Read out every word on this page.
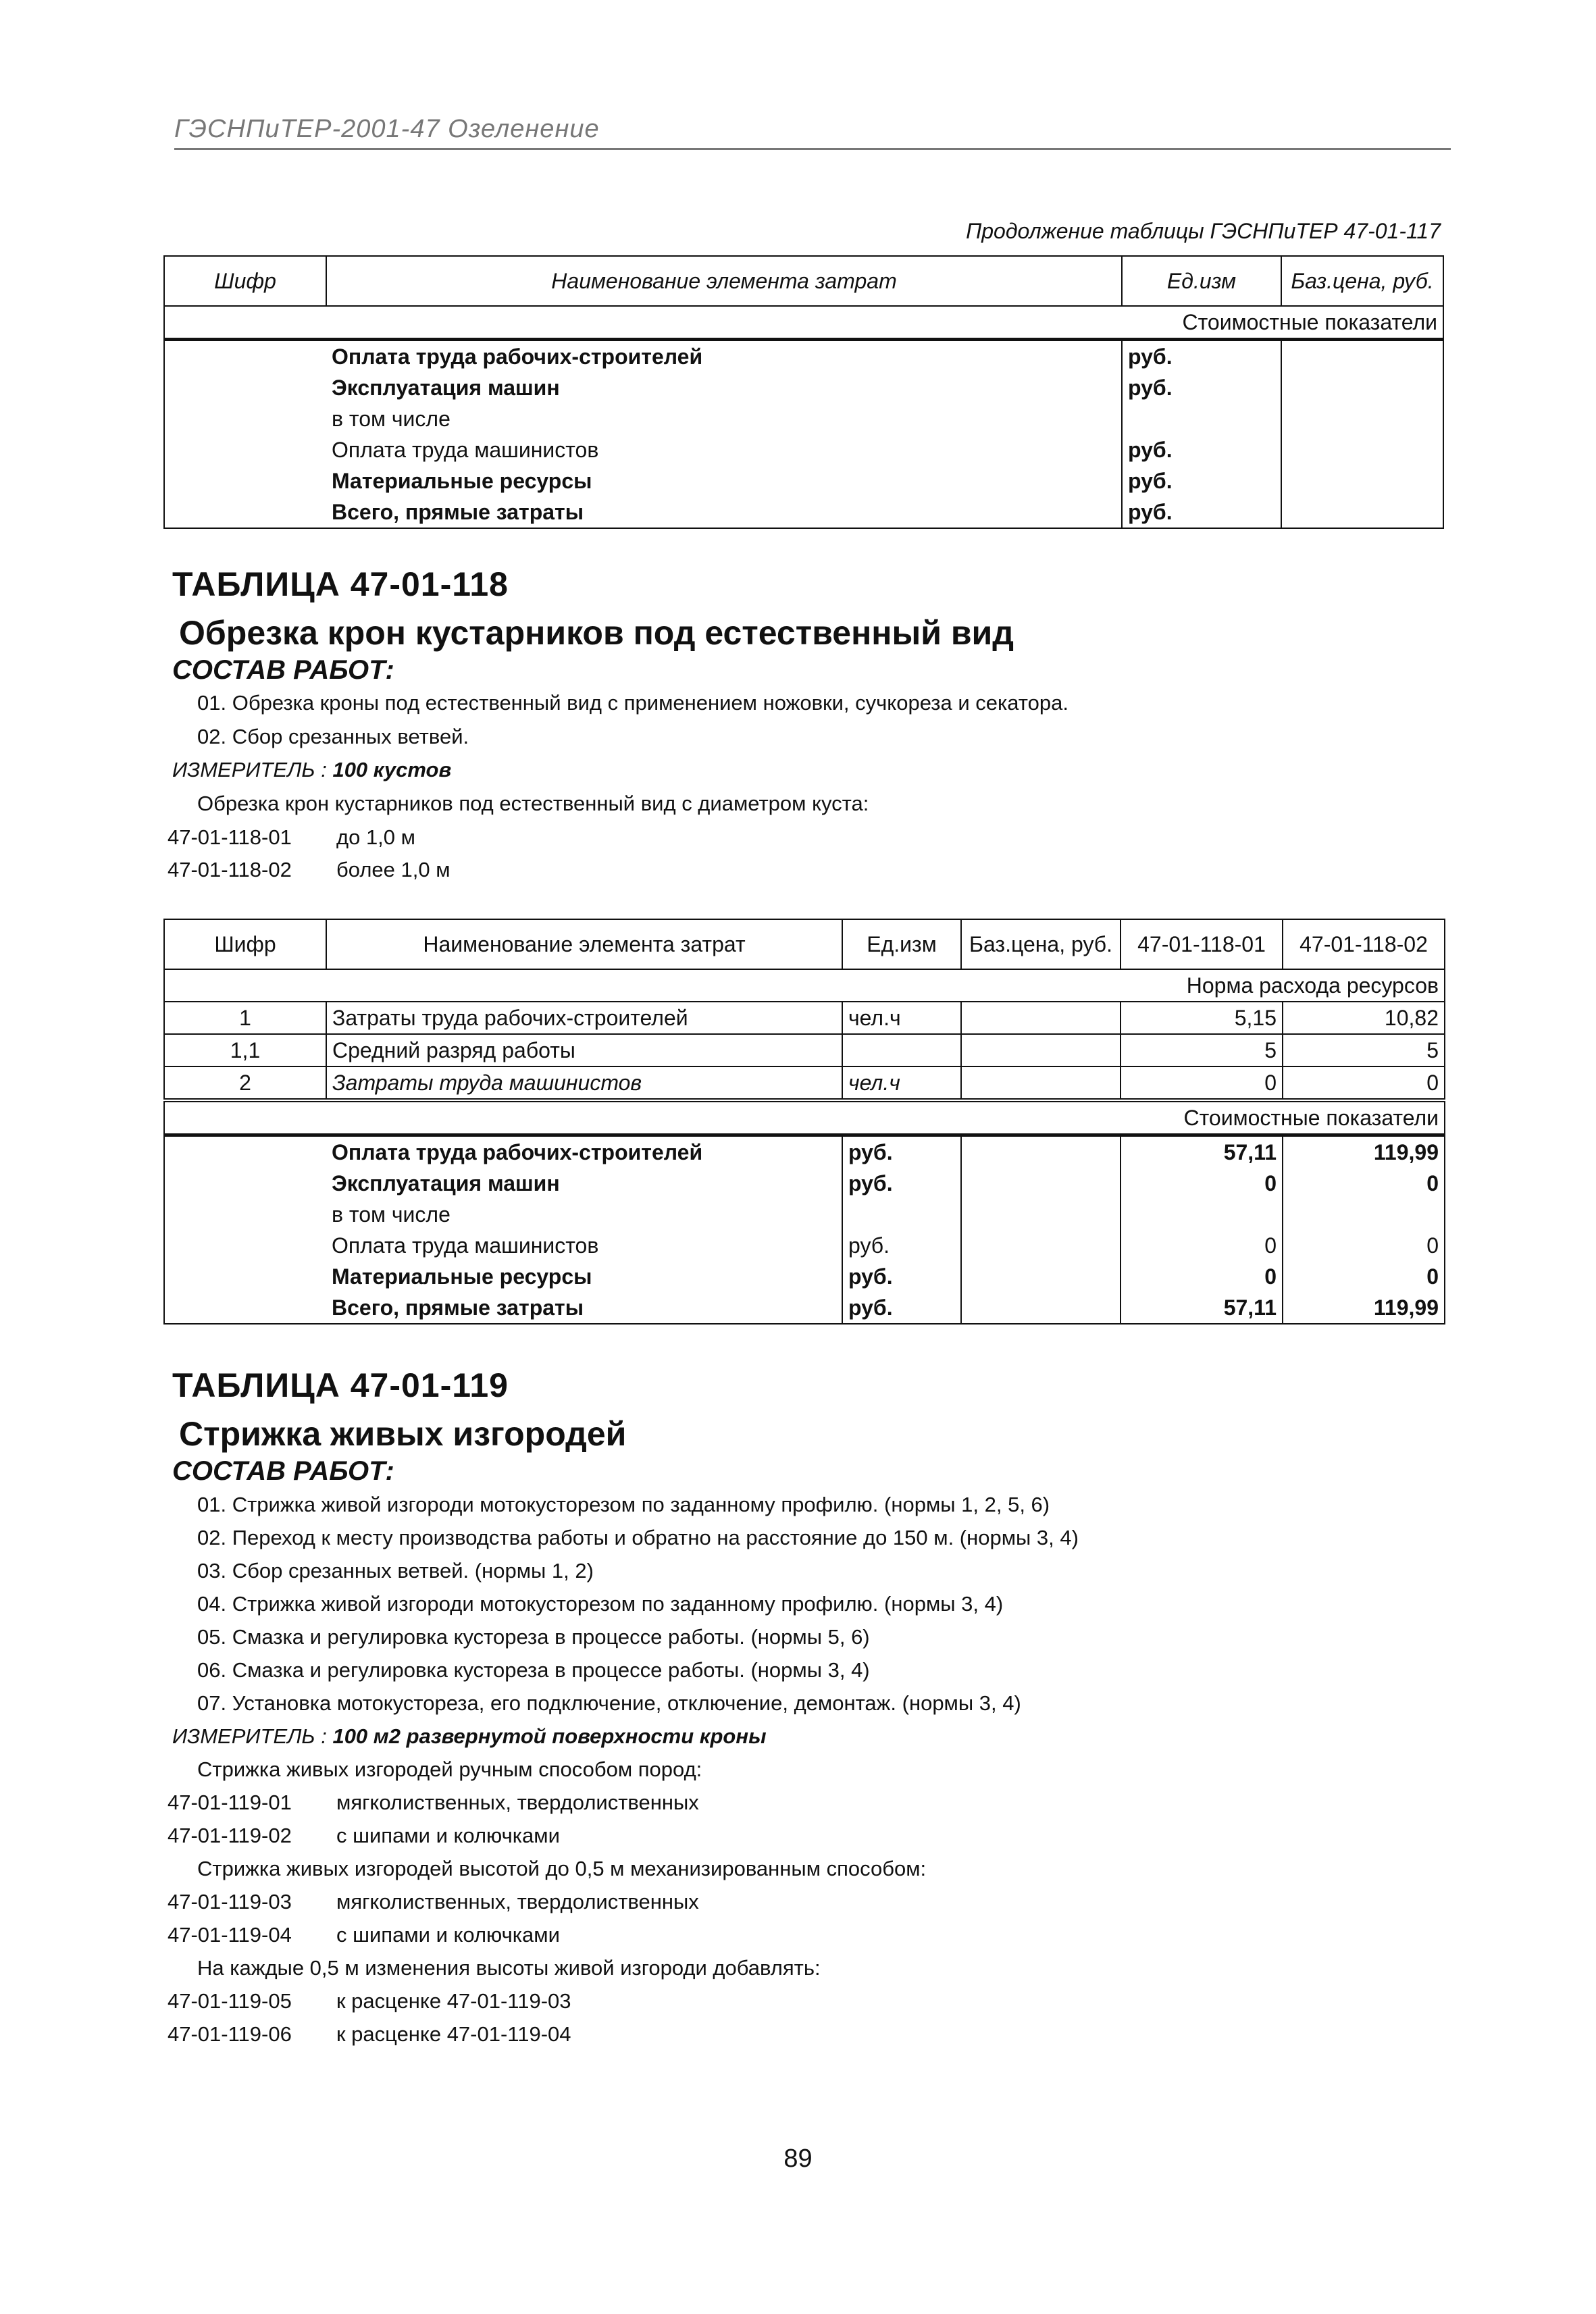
ГЭСНПиТЕР-2001-47 Озеленение
Продолжение таблицы ГЭСНПиТЕР 47-01-117
Шифр	Наименование элемента затрат	Ед.изм	Баз.цена, руб.	
Стоимостные показатели				
	Оплата труда рабочих-строителей	руб.		
	Эксплуатация машин	руб.		
	в том числе			
	Оплата труда машинистов	руб.		
	Материальные ресурсы	руб.		
	Всего, прямые затраты	руб.		
ТАБЛИЦА 47-01-118
Обрезка крон кустарников под естественный вид
СОСТАВ РАБОТ:
01. Обрезка кроны под естественный вид с применением ножовки, сучкореза и секатора.
02. Сбор срезанных ветвей.
ИЗМЕРИТЕЛЬ : 100 кустов
Обрезка крон кустарников под естественный вид с диаметром куста:
47-01-118-01 до 1,0 м
47-01-118-02 более 1,0 м
Шифр	Наименование элемента затрат	Ед.изм	Баз.цена, руб.	47-01-118-01	47-01-118-02
Норма расхода ресурсов					
1	Затраты труда рабочих-строителей	чел.ч		5,15	10,82
1,1	Средний разряд работы			5	5
2	Затраты труда машинистов	чел.ч		0	0
Стоимостные показатели					
	Оплата труда рабочих-строителей	руб.		57,11	119,99
	Эксплуатация машин	руб.		0	0
	в том числе				
	Оплата труда машинистов	руб.		0	0
	Материальные ресурсы	руб.		0	0
	Всего, прямые затраты	руб.		57,11	119,99
ТАБЛИЦА 47-01-119
Стрижка живых изгородей
СОСТАВ РАБОТ:
01. Стрижка живой изгороди мотокусторезом по заданному профилю. (нормы 1, 2, 5, 6)
02. Переход к месту производства работы и обратно на расстояние до 150 м. (нормы 3, 4)
03. Сбор срезанных ветвей. (нормы 1, 2)
04. Стрижка живой изгороди мотокусторезом по заданному профилю. (нормы 3, 4)
05. Смазка и регулировка кустореза в процессе работы. (нормы 5, 6)
06. Смазка и регулировка кустореза в процессе работы. (нормы 3, 4)
07. Установка мотокустореза, его подключение, отключение, демонтаж. (нормы 3, 4)
ИЗМЕРИТЕЛЬ : 100 м2 развернутой поверхности кроны
Стрижка живых изгородей ручным способом пород:
47-01-119-01 мягколиственных, твердолиственных
47-01-119-02 с шипами и колючками
Стрижка живых изгородей высотой до 0,5 м механизированным способом:
47-01-119-03 мягколиственных, твердолиственных
47-01-119-04 с шипами и колючками
На каждые 0,5 м изменения высоты живой изгороди добавлять:
47-01-119-05 к расценке 47-01-119-03
47-01-119-06 к расценке 47-01-119-04
89
